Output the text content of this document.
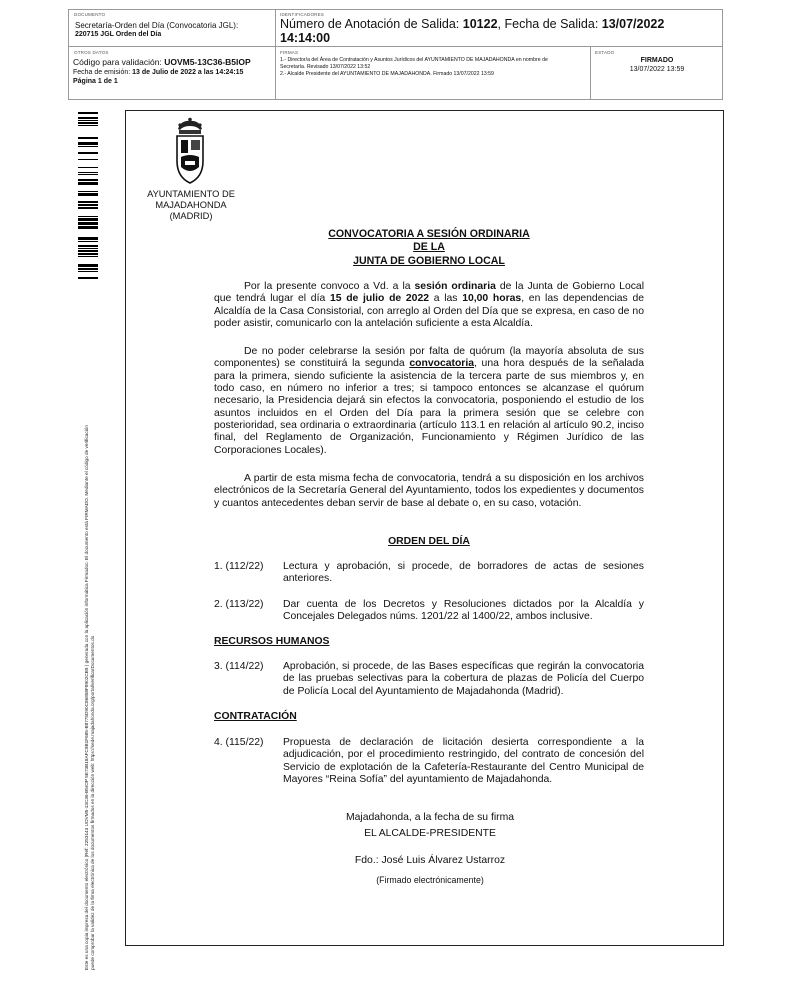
DOCUMENTO
Secretaría-Orden del Día (Convocatoria JGL):
220715 JGL Orden del Día
IDENTIFICADORES
Número de Anotación de Salida: 10122, Fecha de Salida: 13/07/2022
14:14:00
OTROS DATOS
Código para validación: UOVM5-13C36-B5IOP
Fecha de emisión: 13 de Julio de 2022 a las 14:24:15
Página 1 de 1
FIRMAS
1.- Director/a del Área de Contratación y Asuntos Jurídicos del AYUNTAMIENTO DE MAJADAHONDA en nombre de
Secretaría. Revisado 13/07/2022 13:52
2.- Alcalde Presidente del AYUNTAMIENTO DE MAJADAHONDA. Firmado 13/07/2022 13:59
ESTADO
FIRMADO
13/07/2022 13:59
Este es una copia impresa del documento electrónico (Ref: 2253143 UOVM5-13C36-B5IOP 5E73B18AFC9B1F685-B8775D90C86858F8902CB9 ) generada con la aplicación informática Firmadoc. El documento está FIRMADO. Mediante el código de verificación puede comprobar la validez de la firma electrónica de los documentos firmados en la dirección web: https://sede.majadahonda.org/portal/verificarDocumentos.do
AYUNTAMIENTO DE
MAJADAHONDA
(MADRID)
CONVOCATORIA A SESIÓN ORDINARIA
DE LA
JUNTA DE GOBIERNO LOCAL
Por la presente convoco a Vd. a la sesión ordinaria de la Junta de Gobierno Local que tendrá lugar el día 15 de julio de 2022 a las 10,00 horas, en las dependencias de Alcaldía de la Casa Consistorial, con arreglo al Orden del Día que se expresa, en caso de no poder asistir, comunicarlo con la antelación suficiente a esta Alcaldía.
De no poder celebrarse la sesión por falta de quórum (la mayoría absoluta de sus componentes) se constituirá la segunda convocatoria, una hora después de la señalada para la primera, siendo suficiente la asistencia de la tercera parte de sus miembros y, en todo caso, en número no inferior a tres; si tampoco entonces se alcanzase el quórum necesario, la Presidencia dejará sin efectos la convocatoria, posponiendo el estudio de los asuntos incluidos en el Orden del Día para la primera sesión que se celebre con posterioridad, sea ordinaria o extraordinaria (artículo 113.1 en relación al artículo 90.2, inciso final, del Reglamento de Organización, Funcionamiento y Régimen Jurídico de las Corporaciones Locales).
A partir de esta misma fecha de convocatoria, tendrá a su disposición en los archivos electrónicos de la Secretaría General del Ayuntamiento, todos los expedientes y documentos y cuantos antecedentes deban servir de base al debate o, en su caso, votación.
ORDEN DEL DÍA
1. (112/22) Lectura y aprobación, si procede, de borradores de actas de sesiones anteriores.
2. (113/22) Dar cuenta de los Decretos y Resoluciones dictados por la Alcaldía y Concejales Delegados núms. 1201/22 al 1400/22, ambos inclusive.
RECURSOS HUMANOS
3. (114/22) Aprobación, si procede, de las Bases específicas que regirán la convocatoria de las pruebas selectivas para la cobertura de plazas de Policía del Cuerpo de Policía Local del Ayuntamiento de Majadahonda (Madrid).
CONTRATACIÓN
4. (115/22) Propuesta de declaración de licitación desierta correspondiente a la adjudicación, por el procedimiento restringido, del contrato de concesión del Servicio de explotación de la Cafetería-Restaurante del Centro Municipal de Mayores “Reina Sofía” del ayuntamiento de Majadahonda.
Majadahonda, a la fecha de su firma
EL ALCALDE-PRESIDENTE
Fdo.: José Luis Álvarez Ustarroz
(Firmado electrónicamente)
